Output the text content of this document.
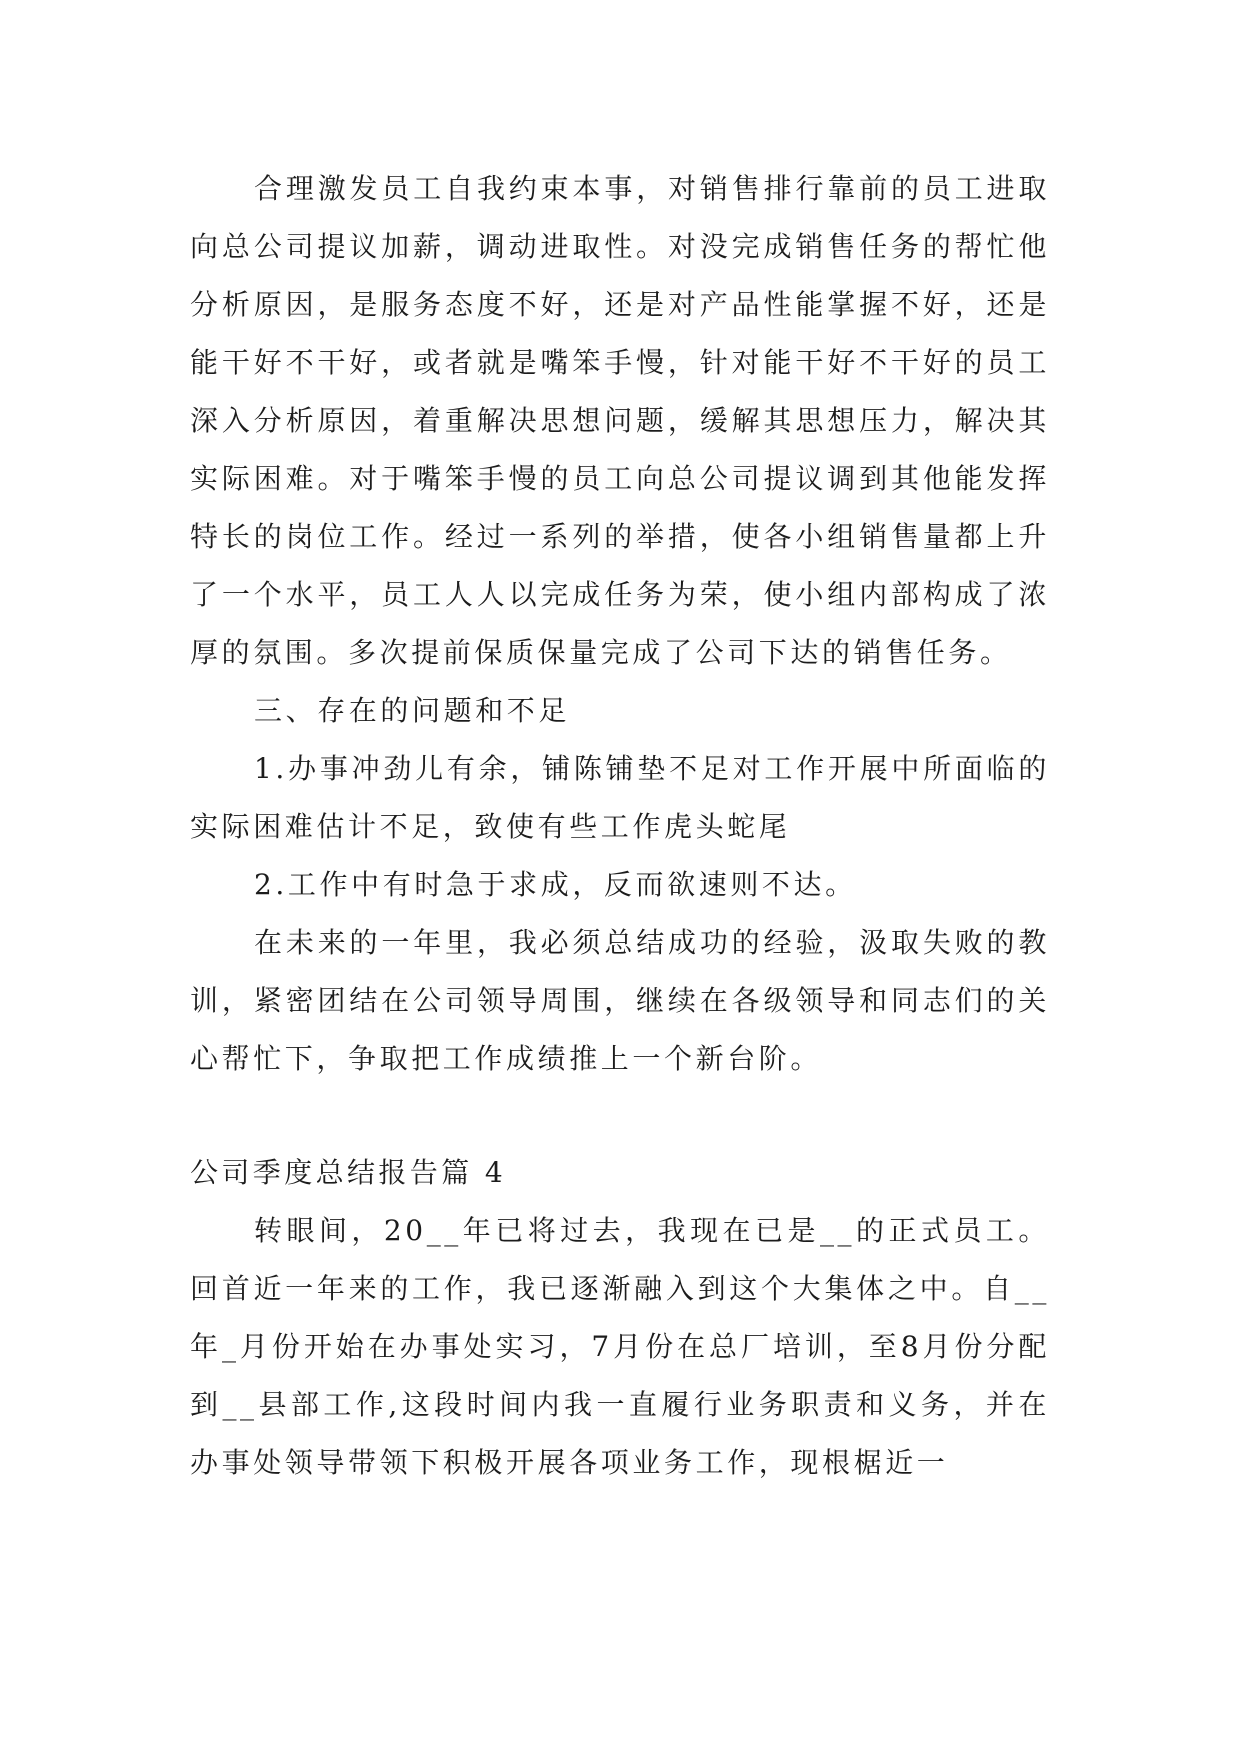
合理激发员工自我约束本事，对销售排行靠前的员工进取向总公司提议加薪，调动进取性。对没完成销售任务的帮忙他分析原因，是服务态度不好，还是对产品性能掌握不好，还是能干好不干好，或者就是嘴笨手慢，针对能干好不干好的员工深入分析原因，着重解决思想问题，缓解其思想压力，解决其实际困难。对于嘴笨手慢的员工向总公司提议调到其他能发挥特长的岗位工作。经过一系列的举措，使各小组销售量都上升了一个水平，员工人人以完成任务为荣，使小组内部构成了浓厚的氛围。多次提前保质保量完成了公司下达的销售任务。

三、存在的问题和不足

1.办事冲劲儿有余，铺陈铺垫不足对工作开展中所面临的实际困难估计不足，致使有些工作虎头蛇尾

2.工作中有时急于求成，反而欲速则不达。

在未来的一年里，我必须总结成功的经验，汲取失败的教训，紧密团结在公司领导周围，继续在各级领导和同志们的关心帮忙下，争取把工作成绩推上一个新台阶。

公司季度总结报告篇 4

转眼间，20__年已将过去，我现在已是__的正式员工。回首近一年来的工作，我已逐渐融入到这个大集体之中。自__年_月份开始在办事处实习，7月份在总厂培训，至8月份分配到__县部工作,这段时间内我一直履行业务职责和义务，并在办事处领导带领下积极开展各项业务工作，现根椐近一
